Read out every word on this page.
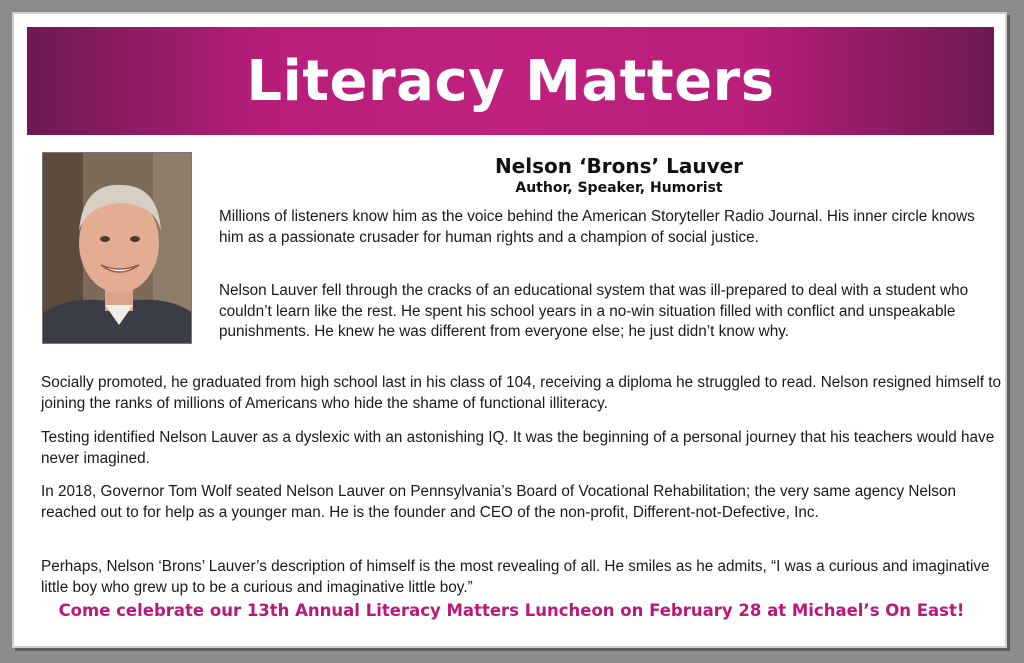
Literacy Matters
Nelson ‘Brons’ Lauver
Author, Speaker, Humorist

Millions of listeners know him as the voice behind the American Storyteller Radio Journal. His inner circle knows him as a passionate crusader for human rights and a champion of social justice.

Nelson Lauver fell through the cracks of an educational system that was ill-prepared to deal with a student who couldn’t learn like the rest. He spent his school years in a no-win situation filled with conflict and unspeakable punishments. He knew he was different from everyone else; he just didn’t know why.

Socially promoted, he graduated from high school last in his class of 104, receiving a diploma he struggled to read. Nelson resigned himself to joining the ranks of millions of Americans who hide the shame of functional illiteracy.

Testing identified Nelson Lauver as a dyslexic with an astonishing IQ. It was the beginning of a personal journey that his teachers would have never imagined.

In 2018, Governor Tom Wolf seated Nelson Lauver on Pennsylvania’s Board of Vocational Rehabilitation; the very same agency Nelson reached out to for help as a younger man. He is the founder and CEO of the non-profit, Different-not-Defective, Inc.

Perhaps, Nelson ‘Brons’ Lauver’s description of himself is the most revealing of all. He smiles as he admits, “I was a curious and imaginative little boy who grew up to be a curious and imaginative little boy.”

Come celebrate our 13th Annual Literacy Matters Luncheon on February 28 at Michael’s On East!
